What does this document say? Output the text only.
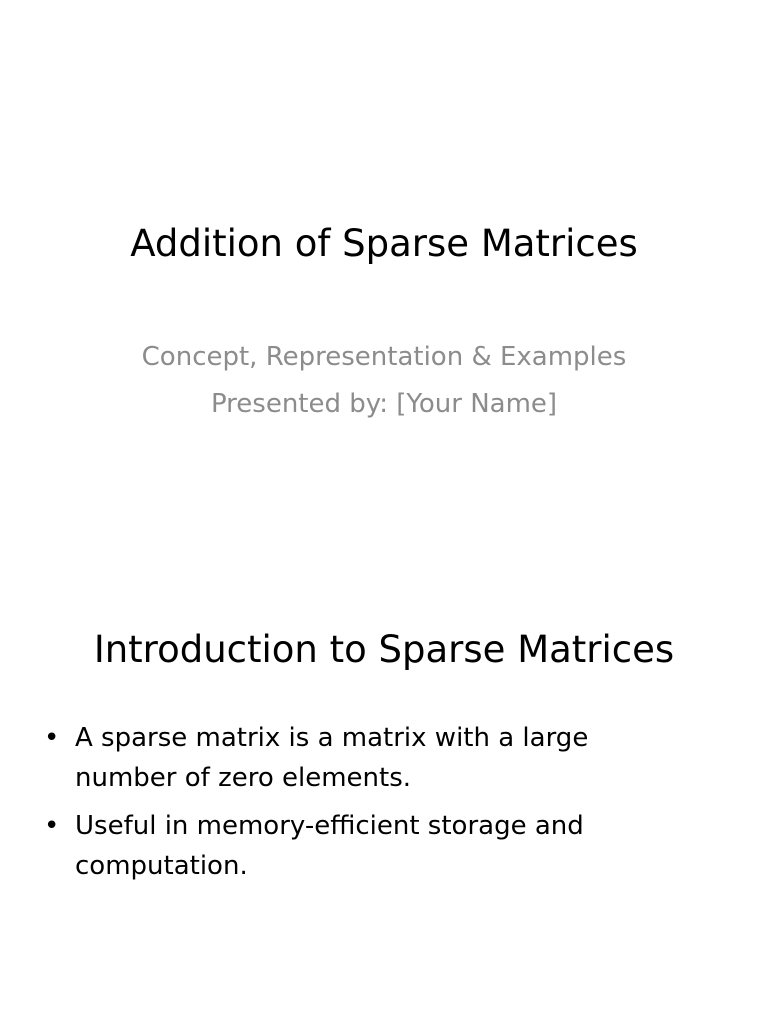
Addition of Sparse Matrices
Concept, Representation & Examples
Presented by: [Your Name]
Introduction to Sparse Matrices
• A sparse matrix is a matrix with a large number of zero elements.
• Useful in memory-efficient storage and computation.
